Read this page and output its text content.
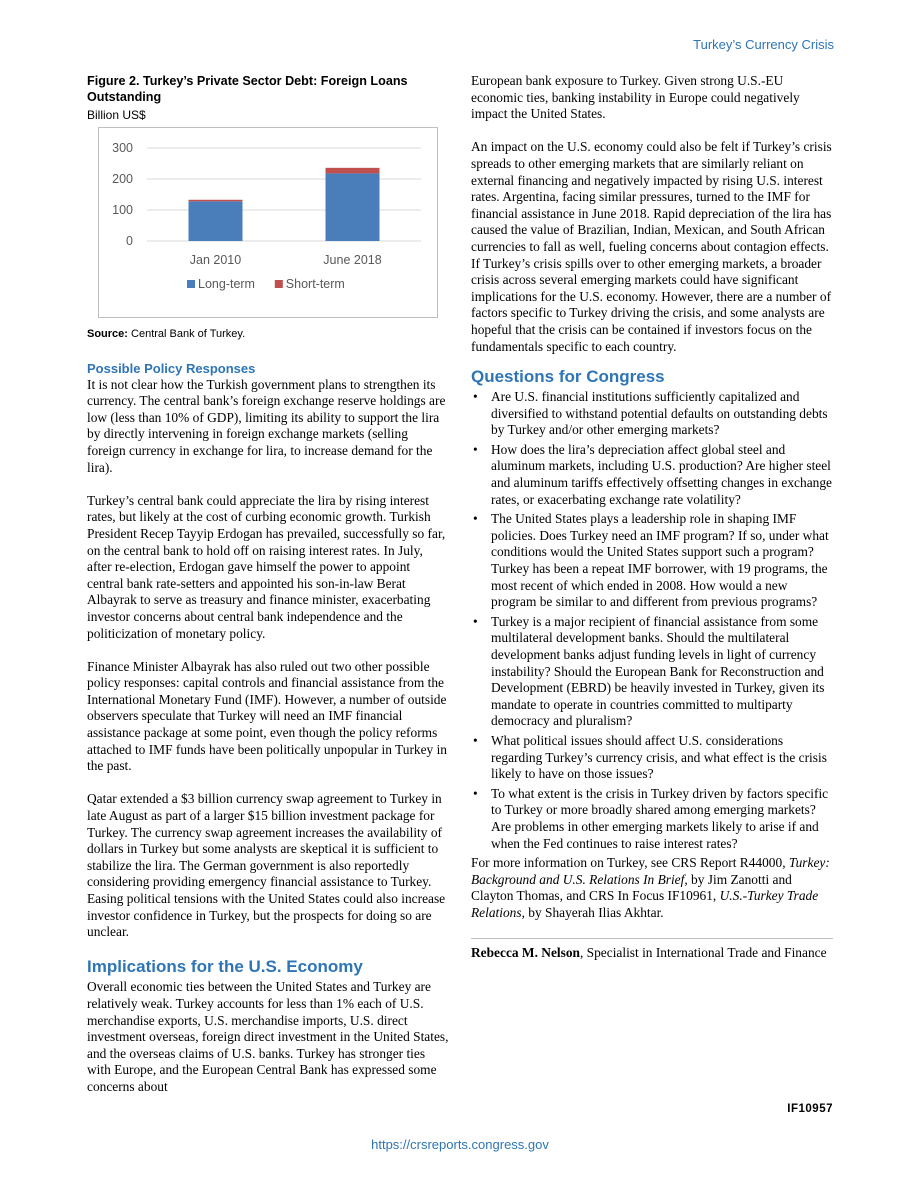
Turkey’s Currency Crisis
Figure 2. Turkey’s Private Sector Debt: Foreign Loans Outstanding
Billion US$
0
100
200
300
Jan 2010	June 2018
Long-term Short-term
Source: Central Bank of Turkey.
Possible Policy Responses

It is not clear how the Turkish government plans to strengthen its currency. The central bank’s foreign exchange reserve holdings are low (less than 10% of GDP), limiting its ability to support the lira by directly intervening in foreign exchange markets (selling foreign currency in exchange for lira, to increase demand for the lira).

Turkey’s central bank could appreciate the lira by rising interest rates, but likely at the cost of curbing economic growth. Turkish President Recep Tayyip Erdogan has prevailed, successfully so far, on the central bank to hold off on raising interest rates. In July, after re-election, Erdogan gave himself the power to appoint central bank rate-setters and appointed his son-in-law Berat Albayrak to serve as treasury and finance minister, exacerbating investor concerns about central bank independence and the politicization of monetary policy.

Finance Minister Albayrak has also ruled out two other possible policy responses: capital controls and financial assistance from the International Monetary Fund (IMF). However, a number of outside observers speculate that Turkey will need an IMF financial assistance package at some point, even though the policy reforms attached to IMF funds have been politically unpopular in Turkey in the past.

Qatar extended a $3 billion currency swap agreement to Turkey in late August as part of a larger $15 billion investment package for Turkey. The currency swap agreement increases the availability of dollars in Turkey but some analysts are skeptical it is sufficient to stabilize the lira. The German government is also reportedly considering providing emergency financial assistance to Turkey. Easing political tensions with the United States could also increase investor confidence in Turkey, but the prospects for doing so are unclear.

Implications for the U.S. Economy

Overall economic ties between the United States and Turkey are relatively weak. Turkey accounts for less than 1% each of U.S. merchandise exports, U.S. merchandise imports, U.S. direct investment overseas, foreign direct investment in the United States, and the overseas claims of U.S. banks. Turkey has stronger ties with Europe, and the European Central Bank has expressed some concerns about

European bank exposure to Turkey. Given strong U.S.-EU economic ties, banking instability in Europe could negatively impact the United States.

An impact on the U.S. economy could also be felt if Turkey’s crisis spreads to other emerging markets that are similarly reliant on external financing and negatively impacted by rising U.S. interest rates. Argentina, facing similar pressures, turned to the IMF for financial assistance in June 2018. Rapid depreciation of the lira has caused the value of Brazilian, Indian, Mexican, and South African currencies to fall as well, fueling concerns about contagion effects. If Turkey’s crisis spills over to other emerging markets, a broader crisis across several emerging markets could have significant implications for the U.S. economy. However, there are a number of factors specific to Turkey driving the crisis, and some analysts are hopeful that the crisis can be contained if investors focus on the fundamentals specific to each country.

Questions for Congress
• Are U.S. financial institutions sufficiently capitalized and diversified to withstand potential defaults on outstanding debts by Turkey and/or other emerging markets?
• How does the lira’s depreciation affect global steel and aluminum markets, including U.S. production? Are higher steel and aluminum tariffs effectively offsetting changes in exchange rates, or exacerbating exchange rate volatility?
• The United States plays a leadership role in shaping IMF policies. Does Turkey need an IMF program? If so, under what conditions would the United States support such a program? Turkey has been a repeat IMF borrower, with 19 programs, the most recent of which ended in 2008. How would a new program be similar to and different from previous programs?
• Turkey is a major recipient of financial assistance from some multilateral development banks. Should the multilateral development banks adjust funding levels in light of currency instability? Should the European Bank for Reconstruction and Development (EBRD) be heavily invested in Turkey, given its mandate to operate in countries committed to multiparty democracy and pluralism?
• What political issues should affect U.S. considerations regarding Turkey’s currency crisis, and what effect is the crisis likely to have on those issues?
• To what extent is the crisis in Turkey driven by factors specific to Turkey or more broadly shared among emerging markets? Are problems in other emerging markets likely to arise if and when the Fed continues to raise interest rates?

For more information on Turkey, see CRS Report R44000, Turkey: Background and U.S. Relations In Brief, by Jim Zanotti and Clayton Thomas, and CRS In Focus IF10961, U.S.-Turkey Trade Relations, by Shayerah Ilias Akhtar.

Rebecca M. Nelson, Specialist in International Trade and Finance

IF10957
https://crsreports.congress.gov
